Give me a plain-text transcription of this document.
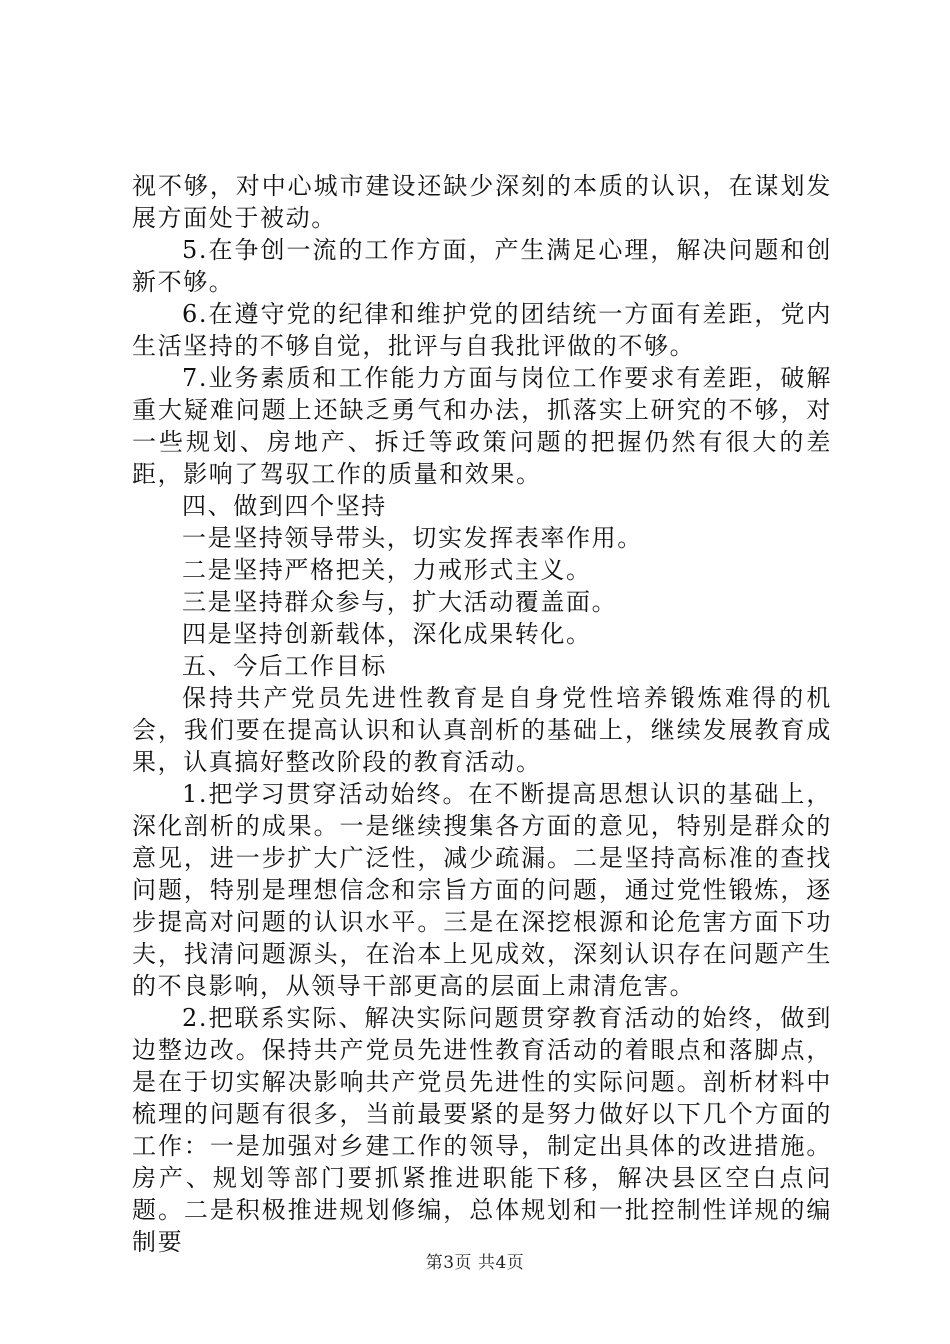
视不够，对中心城市建设还缺少深刻的本质的认识，在谋划发展方面处于被动。

5.在争创一流的工作方面，产生满足心理，解决问题和创新不够。

6.在遵守党的纪律和维护党的团结统一方面有差距，党内生活坚持的不够自觉，批评与自我批评做的不够。

7.业务素质和工作能力方面与岗位工作要求有差距，破解重大疑难问题上还缺乏勇气和办法，抓落实上研究的不够，对一些规划、房地产、拆迁等政策问题的把握仍然有很大的差距，影响了驾驭工作的质量和效果。

四、做到四个坚持

一是坚持领导带头，切实发挥表率作用。

二是坚持严格把关，力戒形式主义。

三是坚持群众参与，扩大活动覆盖面。

四是坚持创新载体，深化成果转化。

五、今后工作目标

保持共产党员先进性教育是自身党性培养锻炼难得的机会，我们要在提高认识和认真剖析的基础上，继续发展教育成果，认真搞好整改阶段的教育活动。

1.把学习贯穿活动始终。在不断提高思想认识的基础上，深化剖析的成果。一是继续搜集各方面的意见，特别是群众的意见，进一步扩大广泛性，减少疏漏。二是坚持高标准的查找问题，特别是理想信念和宗旨方面的问题，通过党性锻炼，逐步提高对问题的认识水平。三是在深挖根源和论危害方面下功夫，找清问题源头，在治本上见成效，深刻认识存在问题产生的不良影响，从领导干部更高的层面上肃清危害。

2.把联系实际、解决实际问题贯穿教育活动的始终，做到边整边改。保持共产党员先进性教育活动的着眼点和落脚点，是在于切实解决影响共产党员先进性的实际问题。剖析材料中梳理的问题有很多，当前最要紧的是努力做好以下几个方面的工作：一是加强对乡建工作的领导，制定出具体的改进措施。房产、规划等部门要抓紧推进职能下移，解决县区空白点问题。二是积极推进规划修编，总体规划和一批控制性详规的编制要

第3页 共4页
